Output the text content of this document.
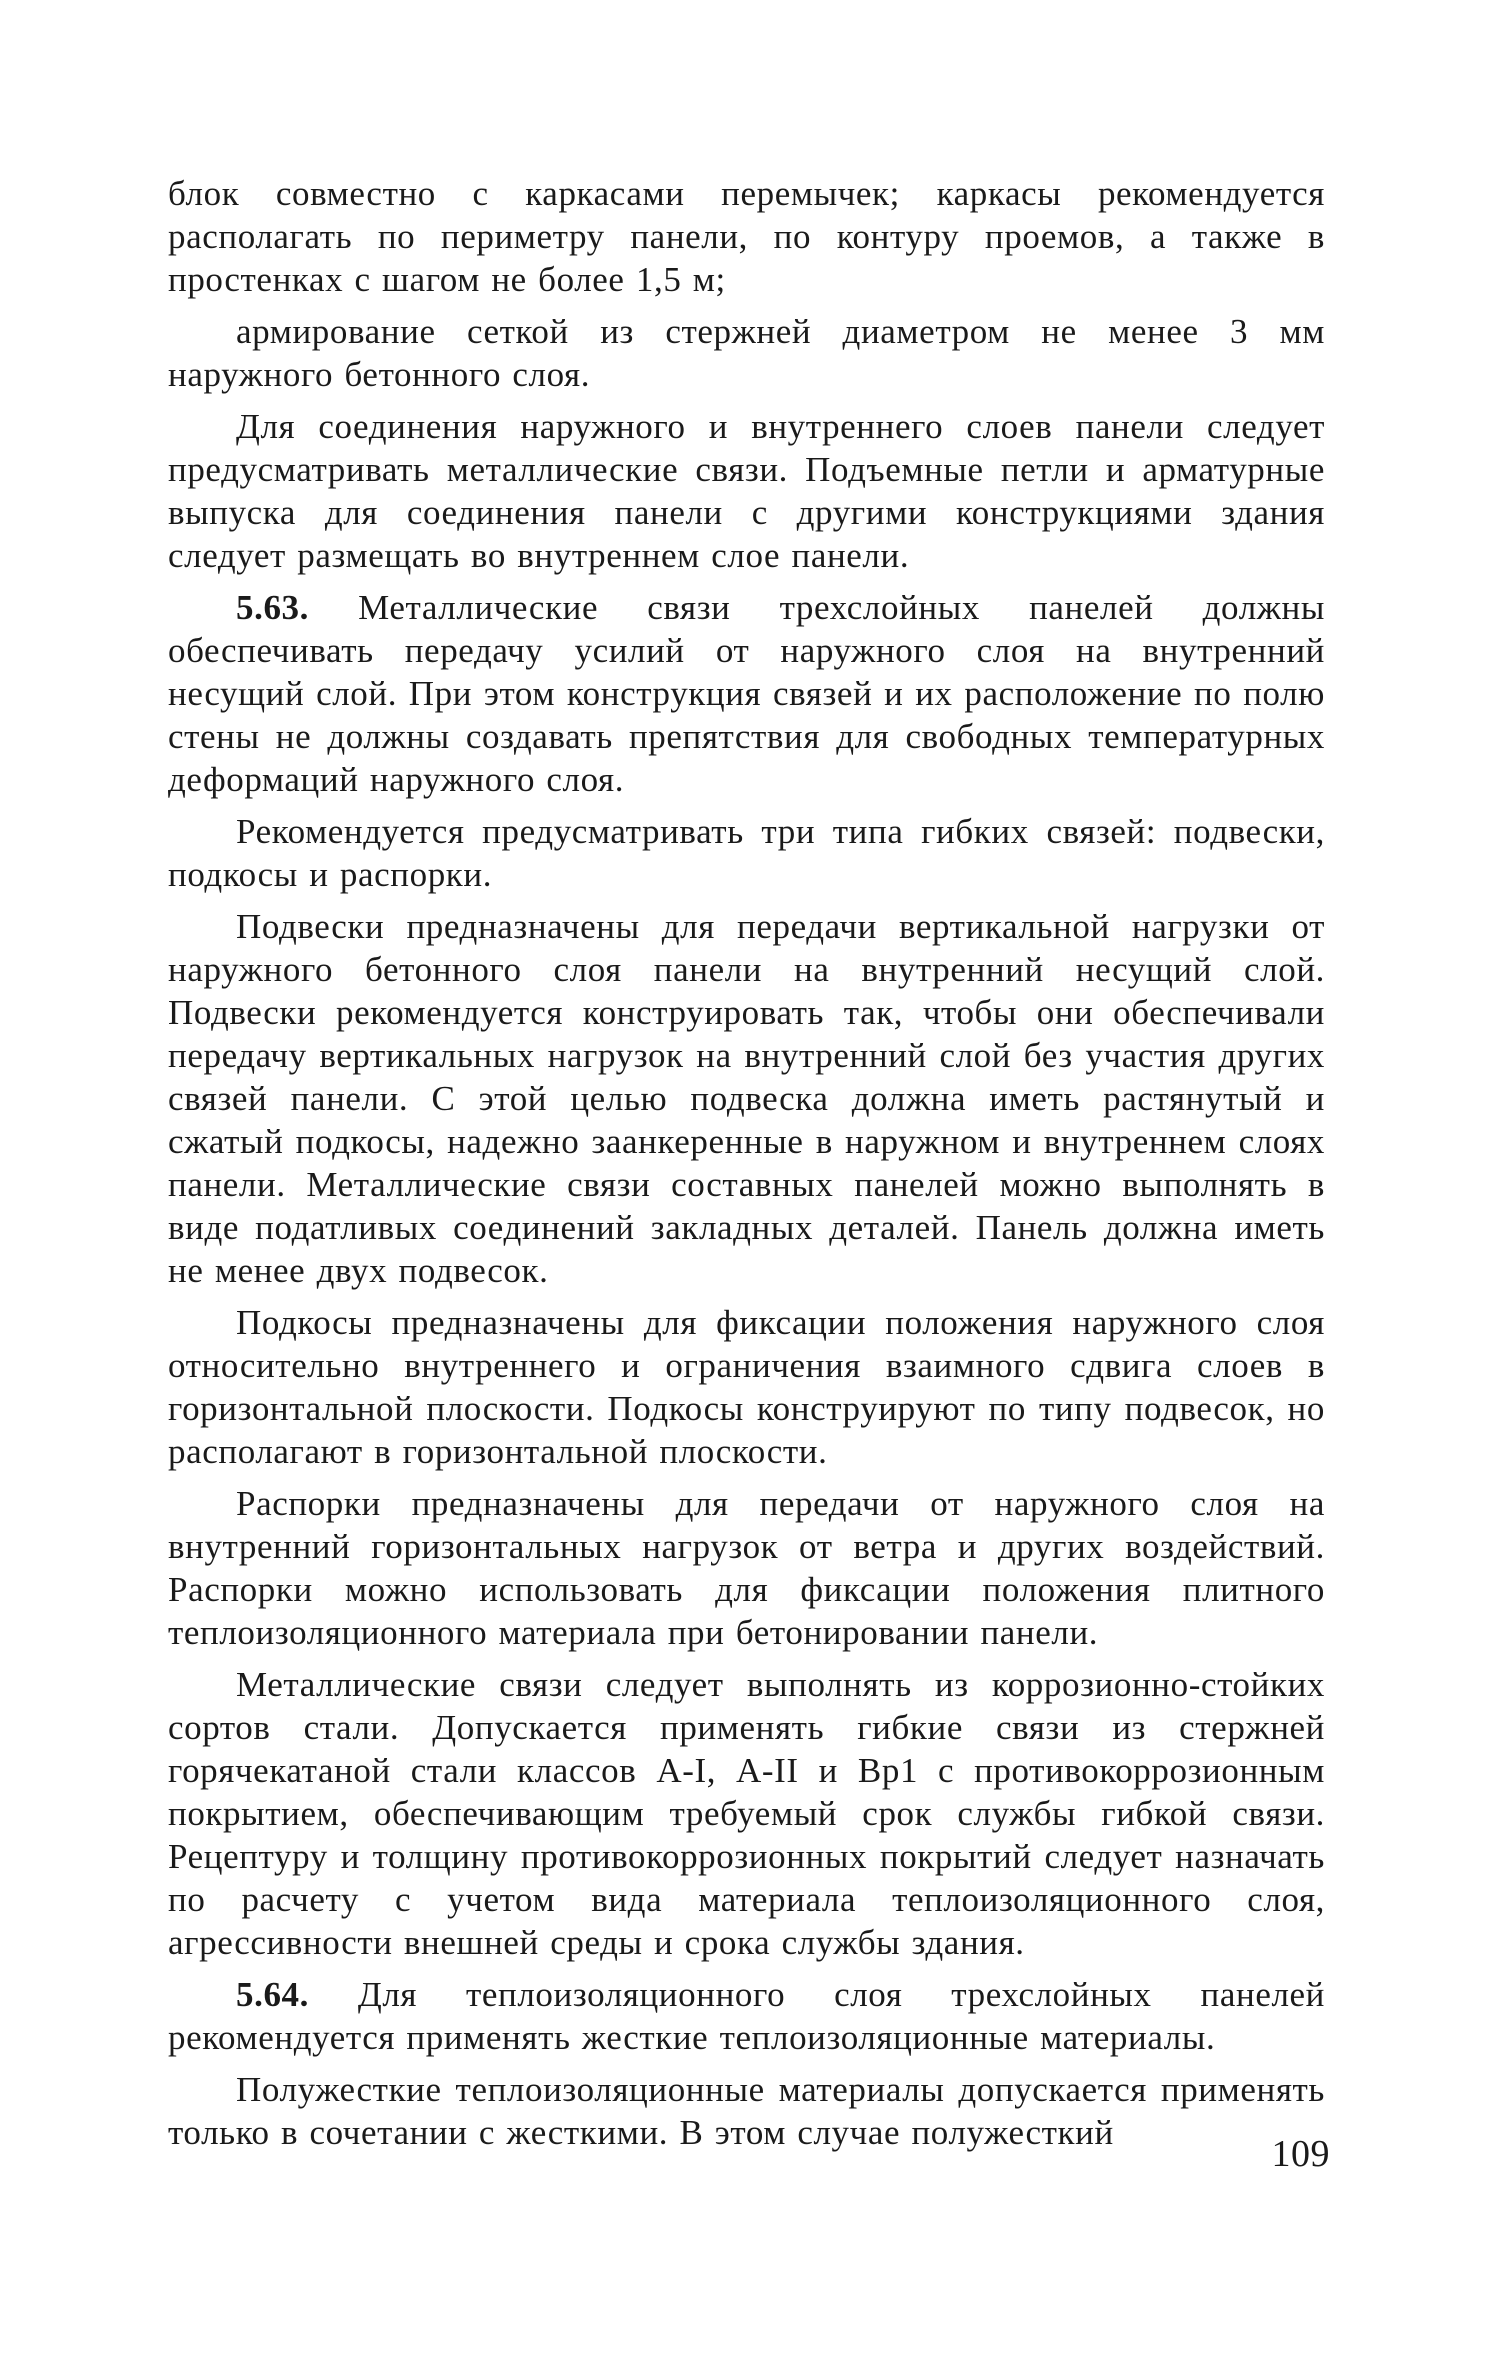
блок совместно с каркасами перемычек; каркасы рекомендуется располагать по периметру панели, по контуру проемов, а также в простенках с шагом не более 1,5 м;

армирование сеткой из стержней диаметром не менее 3 мм наружного бетонного слоя.

Для соединения наружного и внутреннего слоев панели следует предусматривать металлические связи. Подъемные петли и арматурные выпуска для соединения панели с другими конструкциями здания следует размещать во внутреннем слое панели.

5.63. Металлические связи трехслойных панелей должны обеспечивать передачу усилий от наружного слоя на внутренний несущий слой. При этом конструкция связей и их расположение по полю стены не должны создавать препятствия для свободных температурных деформаций наружного слоя.

Рекомендуется предусматривать три типа гибких связей: подвески, подкосы и распорки.

Подвески предназначены для передачи вертикальной нагрузки от наружного бетонного слоя панели на внутренний несущий слой. Подвески рекомендуется конструировать так, чтобы они обеспечивали передачу вертикальных нагрузок на внутренний слой без участия других связей панели. С этой целью подвеска должна иметь растянутый и сжатый подкосы, надежно заанкеренные в наружном и внутреннем слоях панели. Металлические связи составных панелей можно выполнять в виде податливых соединений закладных деталей. Панель должна иметь не менее двух подвесок.

Подкосы предназначены для фиксации положения наружного слоя относительно внутреннего и ограничения взаимного сдвига слоев в горизонтальной плоскости. Подкосы конструируют по типу подвесок, но располагают в горизонтальной плоскости.

Распорки предназначены для передачи от наружного слоя на внутренний горизонтальных нагрузок от ветра и других воздействий. Распорки можно использовать для фиксации положения плитного теплоизоляционного материала при бетонировании панели.

Металлические связи следует выполнять из коррозионно-стойких сортов стали. Допускается применять гибкие связи из стержней горячекатаной стали классов А-I, А-II и Вр1 с противокоррозионным покрытием, обеспечивающим требуемый срок службы гибкой связи. Рецептуру и толщину противокоррозионных покрытий следует назначать по расчету с учетом вида материала теплоизоляционного слоя, агрессивности внешней среды и срока службы здания.

5.64. Для теплоизоляционного слоя трехслойных панелей рекомендуется применять жесткие теплоизоляционные материалы.

Полужесткие теплоизоляционные материалы допускается применять только в сочетании с жесткими. В этом случае полужесткий

109
